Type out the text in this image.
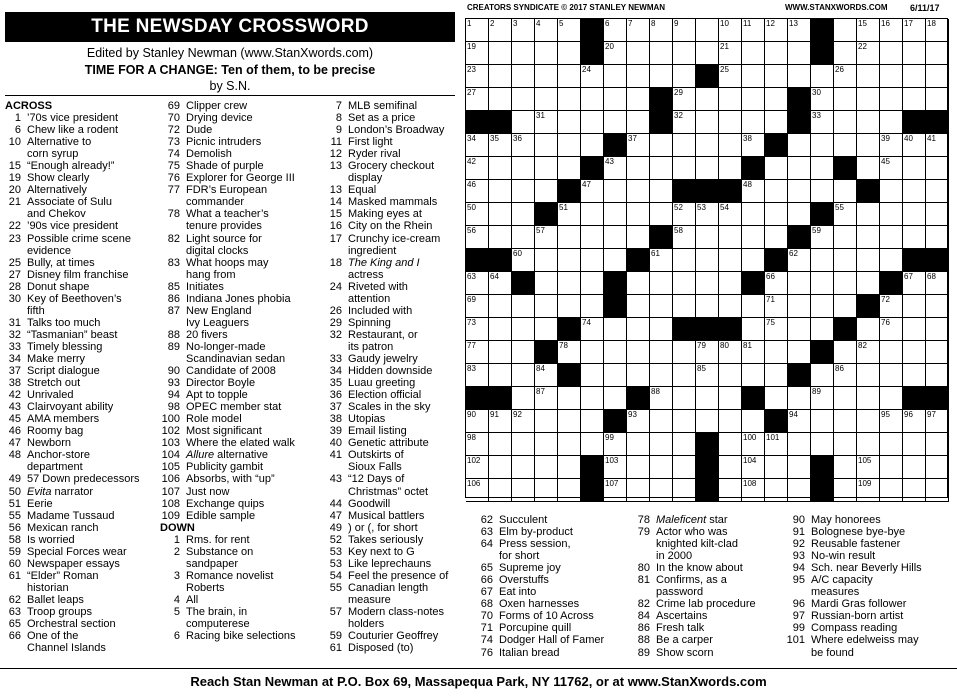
THE NEWSDAY CROSSWORD
Edited by Stanley Newman (www.StanXwords.com)
TIME FOR A CHANGE: Ten of them, to be precise
by S.N.
CREATORS SYNDICATE © 2017 STANLEY NEWMAN	WWW.STANXWORDS.COM 6/11/17
ACROSS
1 ’70s vice president
6 Chew like a rodent
10 Alternative to
corn syrup
15 “Enough already!”
19 Show clearly
20 Alternatively
21 Associate of Sulu
and Chekov
22 ’90s vice president
23 Possible crime scene
evidence
25 Bully, at times
27 Disney film franchise
28 Donut shape
30 Key of Beethoven’s
fifth
31 Talks too much
32 “Tasmanian” beast
33 Timely blessing
34 Make merry
37 Script dialogue
38 Stretch out
42 Unrivaled
43 Clairvoyant ability
45 AMA members
46 Roomy bag
47 Newborn
48 Anchor-store
department
49 57 Down predecessors
50 Evita narrator
51 Eerie
55 Madame Tussaud
56 Mexican ranch
58 Is worried
59 Special Forces wear
60 Newspaper essays
61 “Elder” Roman
historian
62 Ballet leaps
63 Troop groups
65 Orchestral section
66 One of the
Channel Islands
69 Clipper crew
70 Drying device
72 Dude
73 Picnic intruders
74 Demolish
75 Shade of purple
76 Explorer for George III
77 FDR’s European
commander
78 What a teacher’s
tenure provides
82 Light source for
digital clocks
83 What hoops may
hang from
85 Initiates
86 Indiana Jones phobia
87 New England
Ivy Leaguers
88 20 fivers
89 No-longer-made
Scandinavian sedan
90 Candidate of 2008
93 Director Boyle
94 Apt to topple
98 OPEC member stat
100 Role model
102 Most significant
103 Where the elated walk
104 Allure alternative
105 Publicity gambit
106 Absorbs, with “up”
107 Just now
108 Exchange quips
109 Edible sample
DOWN
1 Rms. for rent
2 Substance on
sandpaper
3 Romance novelist
Roberts
4 All
5 The brain, in
computerese
6 Racing bike selections
7 MLB semifinal
8 Set as a price
9 London’s Broadway
11 First light
12 Ryder rival
13 Grocery checkout
display
13 Equal
14 Masked mammals
15 Making eyes at
16 City on the Rhein
17 Crunchy ice-cream
ingredient
18 The King and I
actress
24 Riveted with
attention
26 Included with
29 Spinning
32 Restaurant, or
its patron
33 Gaudy jewelry
34 Hidden downside
35 Luau greeting
36 Election official
37 Scales in the sky
38 Utopias
39 Email listing
40 Genetic attribute
41 Outskirts of
Sioux Falls
43 “12 Days of
Christmas” octet
44 Goodwill
47 Musical battlers
49 ) or (, for short
52 Takes seriously
53 Key next to G
53 Like leprechauns
54 Feel the presence of
55 Canadian length
measure
57 Modern class-notes
holders
59 Couturier Geoffrey
61 Disposed (to)
62 Succulent
63 Elm by-product
64 Press session,
for short
65 Supreme joy
66 Overstuffs
67 Eat into
68 Oxen harnesses
70 Forms of 10 Across
71 Porcupine quill
74 Dodger Hall of Famer
76 Italian bread
78 Maleficent star
79 Actor who was
knighted kilt-clad
in 2000
80 In the know about
81 Confirms, as a
password
82 Crime lab procedure
84 Ascertains
86 Fresh talk
88 Be a carper
89 Show scorn
90 May honorees
91 Bolognese bye-bye
92 Reusable fastener
93 No-win result
94 Sch. near Beverly Hills
95 A/C capacity
measures
96 Mardi Gras follower
97 Russian-born artist
99 Compass reading
101 Where edelweiss may
be found
1 2 3 4 5	6 7 8 9	10 11 12 13	15 16 17 18
19	20	21	22
23	24	25	26
27	29	30
31	32	33
34 35 36	37	38	39 40 41
42	43	45
46	47	48
50	51	52 53 54	55
56	57	58	59
60	61	62
63 64	66	67 68
69	71	72
73	74	75	76
77	78	79 80 81	82
83	84	85	86
87	88	89
90 91 92	93	94	95 96 97
98	99	100 101
102	103	104	105
106	107	108	109
Reach Stan Newman at P.O. Box 69, Massapequa Park, NY 11762, or at www.StanXwords.com
